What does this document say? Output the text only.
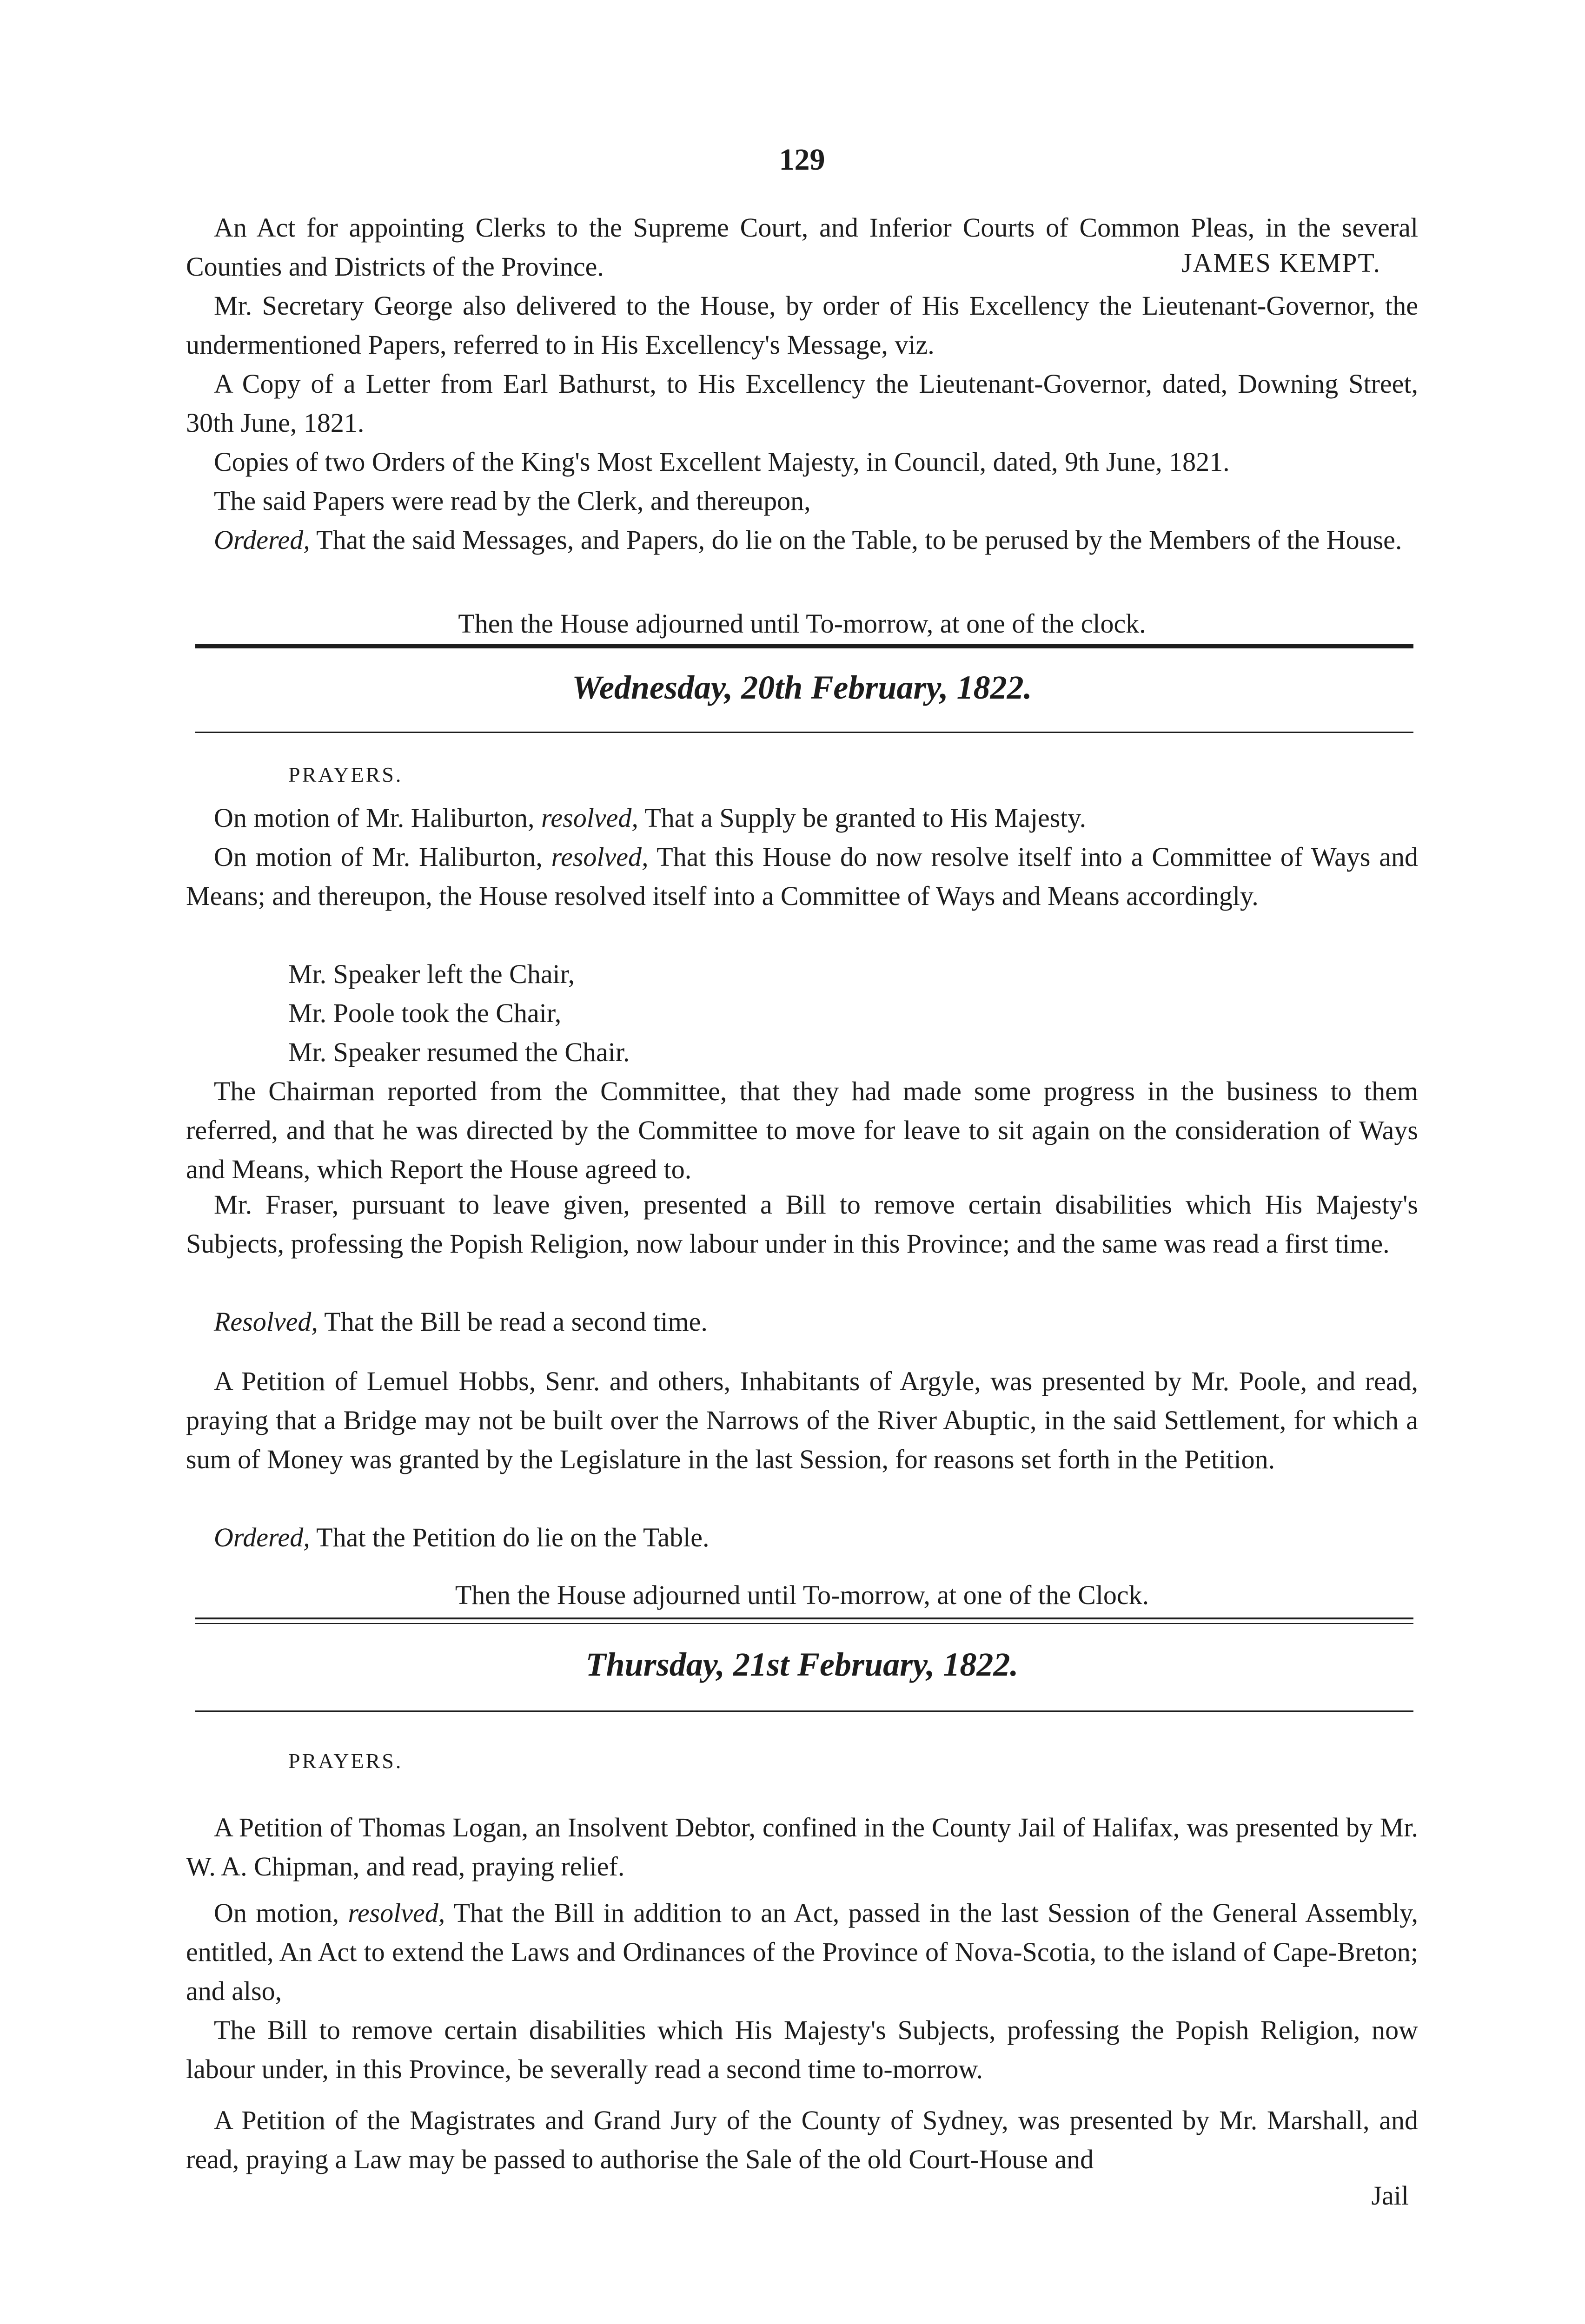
129

An Act for appointing Clerks to the Supreme Court, and Inferior Courts of Common Pleas, in the several Counties and Districts of the Province.	JAMES KEMPT.

Mr. Secretary George also delivered to the House, by order of His Excellency the Lieutenant-Governor, the undermentioned Papers, referred to in His Excellency's Message, viz.

A Copy of a Letter from Earl Bathurst, to His Excellency the Lieutenant-Governor, dated, Downing Street, 30th June, 1821.

Copies of two Orders of the King's Most Excellent Majesty, in Council, dated, 9th June, 1821.

The said Papers were read by the Clerk, and thereupon,

Ordered, That the said Messages, and Papers, do lie on the Table, to be perused by the Members of the House.

Then the House adjourned until To-morrow, at one of the clock.

Wednesday, 20th February, 1822.
PRAYERS.

On motion of Mr. Haliburton, resolved, That a Supply be granted to His Majesty.

On motion of Mr. Haliburton, resolved, That this House do now resolve itself into a Committee of Ways and Means; and thereupon, the House resolved itself into a Committee of Ways and Means accordingly.

Mr. Speaker left the Chair,
Mr. Poole took the Chair,
Mr. Speaker resumed the Chair.

The Chairman reported from the Committee, that they had made some progress in the business to them referred, and that he was directed by the Committee to move for leave to sit again on the consideration of Ways and Means, which Report the House agreed to.

Mr. Fraser, pursuant to leave given, presented a Bill to remove certain disabilities which His Majesty's Subjects, professing the Popish Religion, now labour under in this Province; and the same was read a first time.

Resolved, That the Bill be read a second time.

A Petition of Lemuel Hobbs, Senr. and others, Inhabitants of Argyle, was presented by Mr. Poole, and read, praying that a Bridge may not be built over the Narrows of the River Abuptic, in the said Settlement, for which a sum of Money was granted by the Legislature in the last Session, for reasons set forth in the Petition.

Ordered, That the Petition do lie on the Table.

Then the House adjourned until To-morrow, at one of the Clock.

Thursday, 21st February, 1822.
PRAYERS.

A Petition of Thomas Logan, an Insolvent Debtor, confined in the County Jail of Halifax, was presented by Mr. W. A. Chipman, and read, praying relief.

On motion, resolved, That the Bill in addition to an Act, passed in the last Session of the General Assembly, entitled, An Act to extend the Laws and Ordinances of the Province of Nova-Scotia, to the island of Cape-Breton; and also,

The Bill to remove certain disabilities which His Majesty's Subjects, professing the Popish Religion, now labour under, in this Province, be severally read a second time to-morrow.

A Petition of the Magistrates and Grand Jury of the County of Sydney, was presented by Mr. Marshall, and read, praying a Law may be passed to authorise the Sale of the old Court-House and

Jail
